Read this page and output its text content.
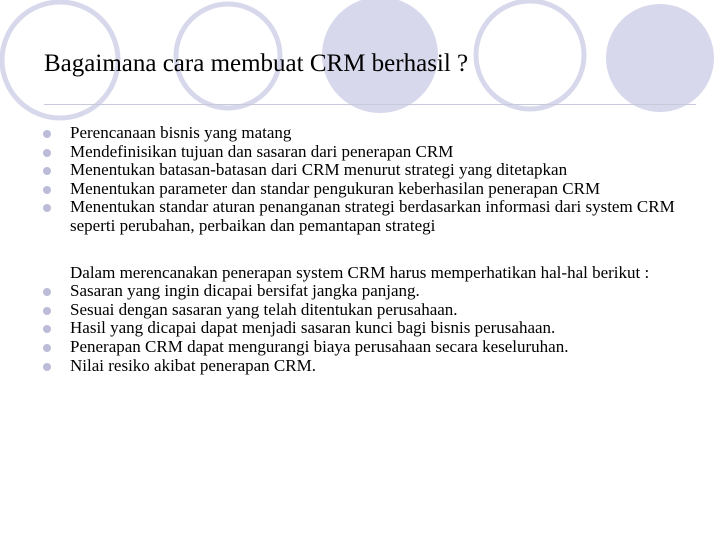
Bagaimana cara membuat CRM berhasil ?
Perencanaan bisnis yang matang
Mendefinisikan tujuan dan sasaran dari penerapan CRM
Menentukan batasan-batasan dari CRM menurut strategi yang ditetapkan
Menentukan parameter dan standar pengukuran keberhasilan penerapan CRM
Menentukan standar aturan penanganan strategi berdasarkan informasi dari system CRM seperti perubahan, perbaikan dan pemantapan strategi
Dalam merencanakan penerapan system CRM harus memperhatikan hal-hal berikut :
Sasaran yang ingin dicapai bersifat jangka panjang.
Sesuai dengan sasaran yang telah ditentukan perusahaan.
Hasil yang dicapai dapat menjadi sasaran kunci bagi bisnis perusahaan.
Penerapan CRM dapat mengurangi biaya perusahaan secara keseluruhan.
Nilai resiko akibat penerapan CRM.
